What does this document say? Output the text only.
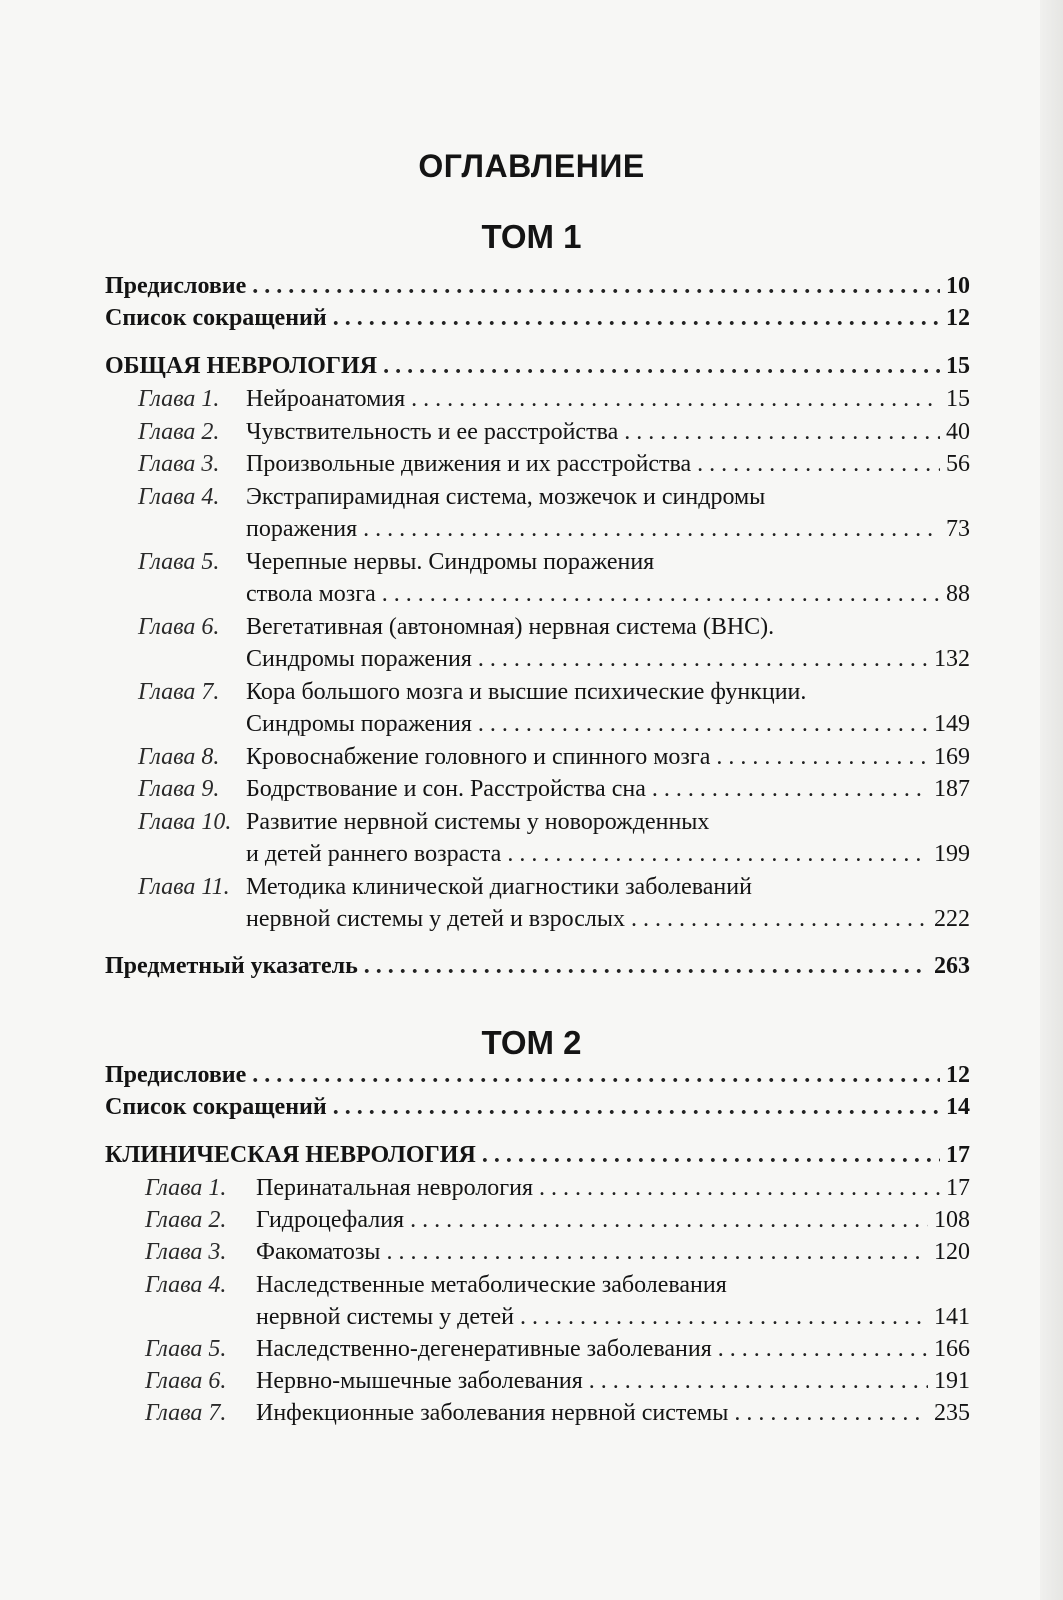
ОГЛАВЛЕНИЕ
ТОМ 1
ТОМ 2
Предисловие . . .	10
Список сокращений . . .	12
ОБЩАЯ НЕВРОЛОГИЯ . . .	15
Глава 1. Нейроанатомия . . .	15
Глава 2. Чувствительность и ее расстройства . . .	40
Глава 3. Произвольные движения и их расстройства . . .	56
Глава 4. Экстрапирамидная система, мозжечок и синдромы
поражения . . .	73
Глава 5. Черепные нервы. Синдромы поражения
ствола мозга . . .	88
Глава 6. Вегетативная (автономная) нервная система (ВНС).
Синдромы поражения . . .	132
Глава 7. Кора большого мозга и высшие психические функции.
Синдромы поражения . . .	149
Глава 8. Кровоснабжение головного и спинного мозга . . .	169
Глава 9. Бодрствование и сон. Расстройства сна . . .	187
Глава 10. Развитие нервной системы у новорожденных
и детей раннего возраста . . .	199
Глава 11. Методика клинической диагностики заболеваний
нервной системы у детей и взрослых . . .	222
Предметный указатель . . .	263
Предисловие . . .	12
Список сокращений . . .	14
КЛИНИЧЕСКАЯ НЕВРОЛОГИЯ . . .	17
Глава 1. Перинатальная неврология . . .	17
Глава 2. Гидроцефалия . . .	108
Глава 3. Факоматозы . . .	120
Глава 4. Наследственные метаболические заболевания
нервной системы у детей . . .	141
Глава 5. Наследственно-дегенеративные заболевания . . .	166
Глава 6. Нервно-мышечные заболевания . . .	191
Глава 7. Инфекционные заболевания нервной системы . . .	235
